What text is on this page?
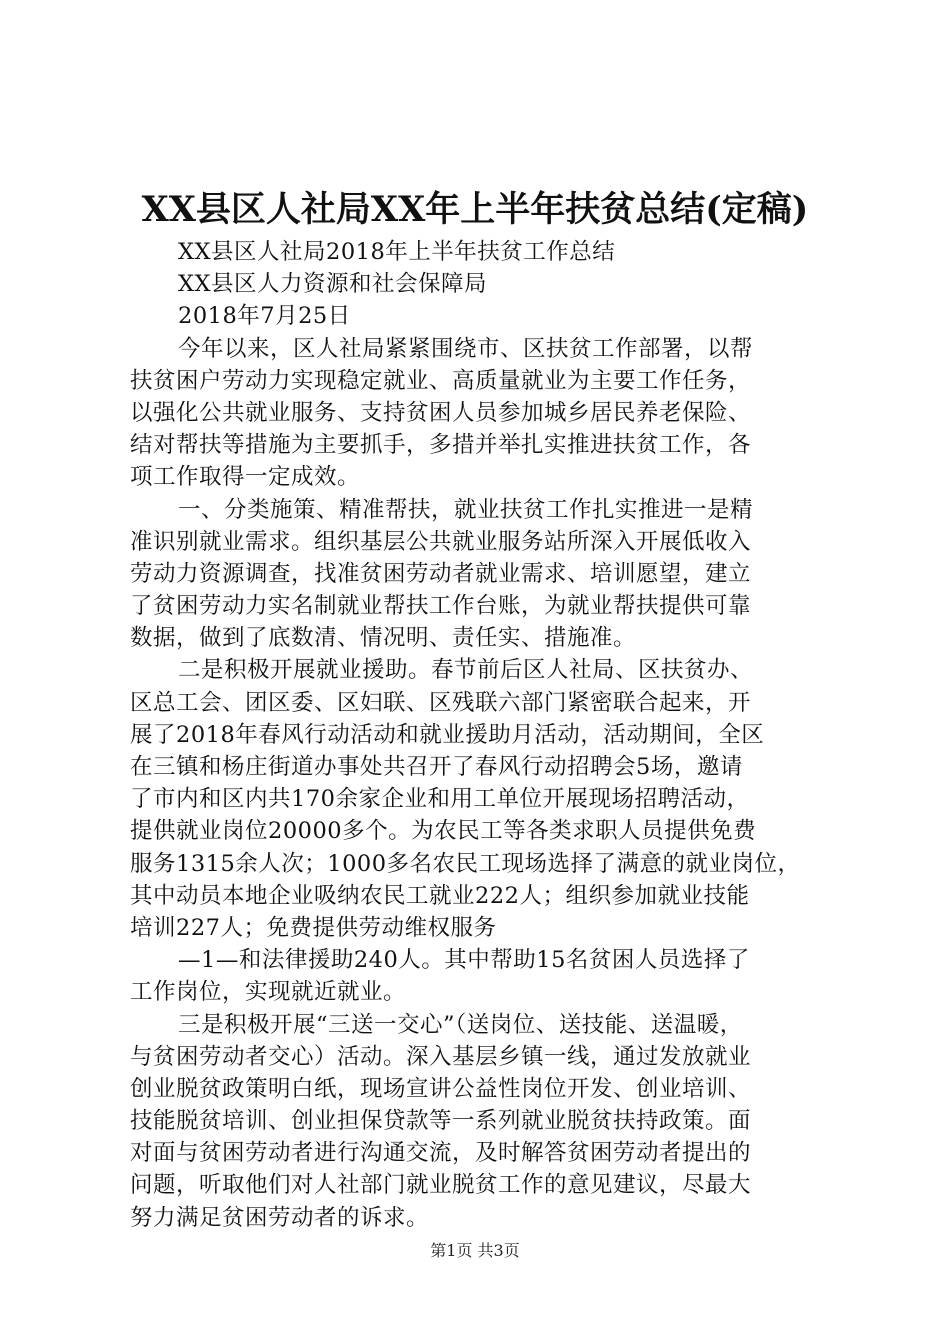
XX县区人社局XX年上半年扶贫总结(定稿)
XX县区人社局2018年上半年扶贫工作总结
XX县区人力资源和社会保障局
2018年7月25日
今年以来，区人社局紧紧围绕市、区扶贫工作部署，以帮
扶贫困户劳动力实现稳定就业、高质量就业为主要工作任务，
以强化公共就业服务、支持贫困人员参加城乡居民养老保险、
结对帮扶等措施为主要抓手，多措并举扎实推进扶贫工作，各
项工作取得一定成效。
一、分类施策、精准帮扶，就业扶贫工作扎实推进一是精
准识别就业需求。组织基层公共就业服务站所深入开展低收入
劳动力资源调查，找准贫困劳动者就业需求、培训愿望，建立
了贫困劳动力实名制就业帮扶工作台账，为就业帮扶提供可靠
数据，做到了底数清、情况明、责任实、措施准。
二是积极开展就业援助。春节前后区人社局、区扶贫办、
区总工会、团区委、区妇联、区残联六部门紧密联合起来，开
展了2018年春风行动活动和就业援助月活动，活动期间，全区
在三镇和杨庄街道办事处共召开了春风行动招聘会5场，邀请
了市内和区内共170余家企业和用工单位开展现场招聘活动，
提供就业岗位20000多个。为农民工等各类求职人员提供免费
服务1315余人次；1000多名农民工现场选择了满意的就业岗位，
其中动员本地企业吸纳农民工就业222人；组织参加就业技能
培训227人；免费提供劳动维权服务
—1—和法律援助240人。其中帮助15名贫困人员选择了
工作岗位，实现就近就业。
三是积极开展“三送一交心”（送岗位、送技能、送温暖，
与贫困劳动者交心）活动。深入基层乡镇一线，通过发放就业
创业脱贫政策明白纸，现场宣讲公益性岗位开发、创业培训、
技能脱贫培训、创业担保贷款等一系列就业脱贫扶持政策。面
对面与贫困劳动者进行沟通交流，及时解答贫困劳动者提出的
问题，听取他们对人社部门就业脱贫工作的意见建议，尽最大
努力满足贫困劳动者的诉求。
第1页 共3页
